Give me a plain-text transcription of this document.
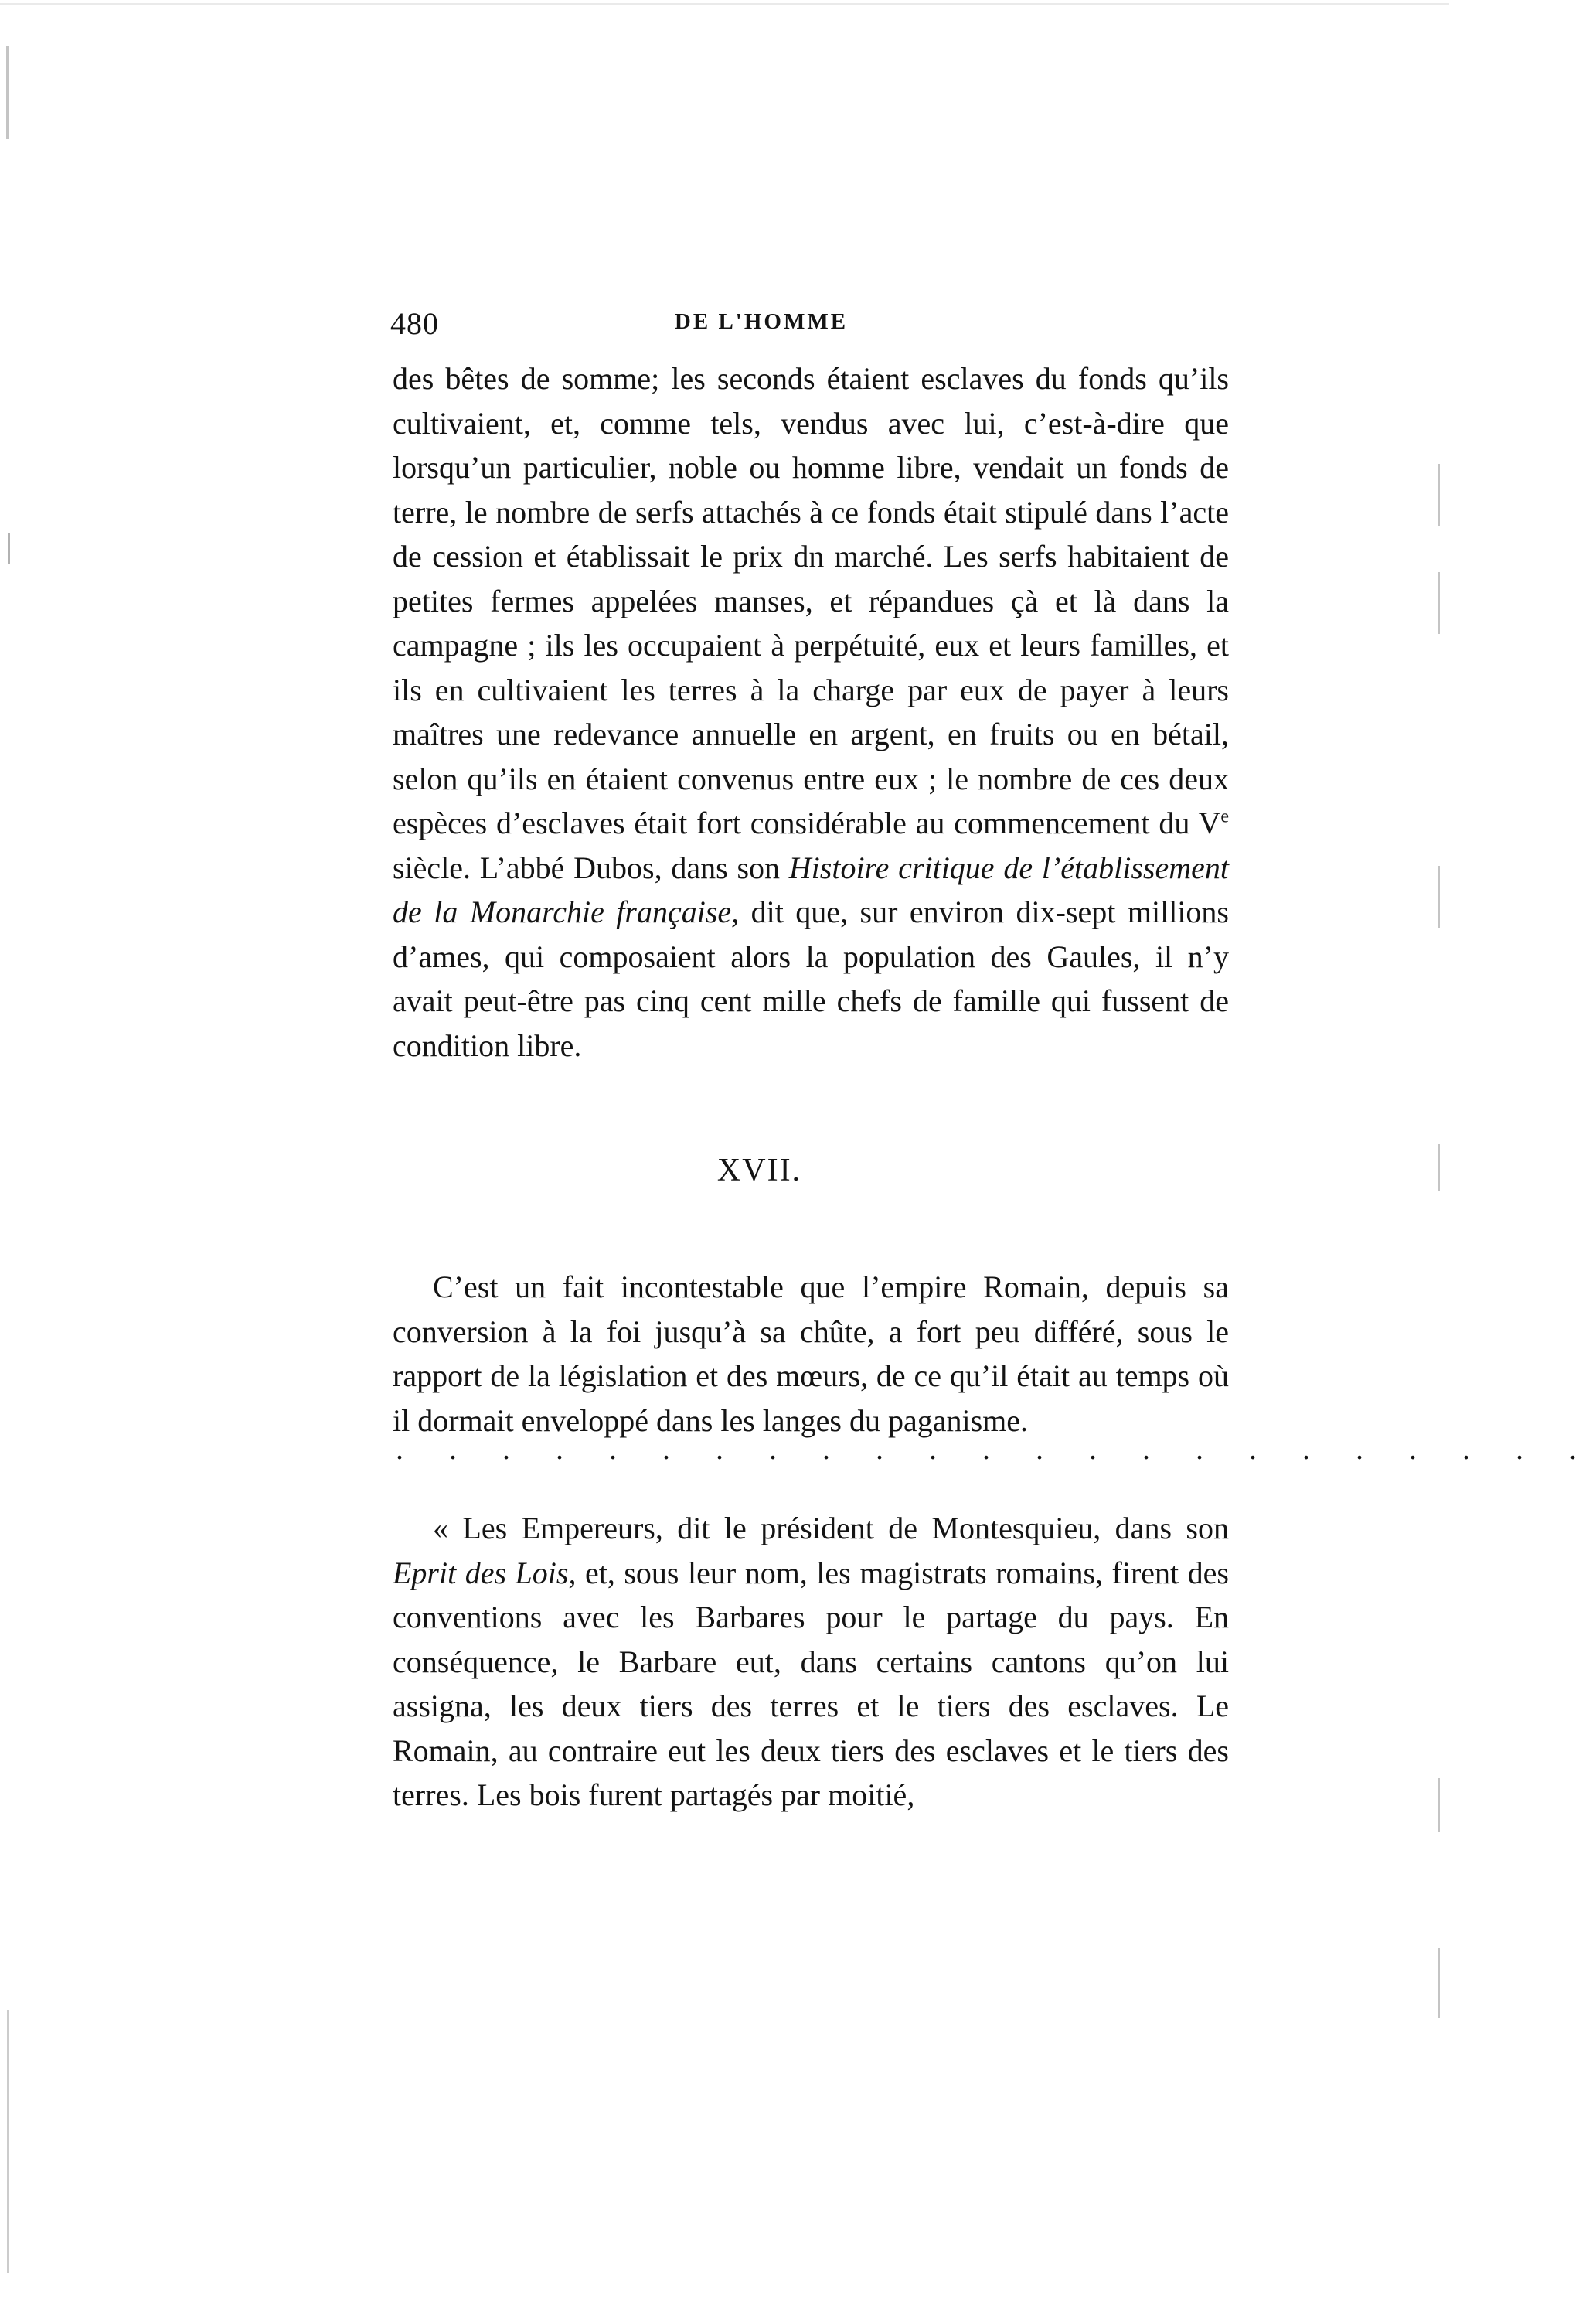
480	DE L'HOMME

des bêtes de somme; les seconds étaient esclaves du fonds qu’ils cultivaient, et, comme tels, vendus avec lui, c’est-à-dire que lorsqu’un particulier, noble ou homme libre, vendait un fonds de terre, le nombre de serfs attachés à ce fonds était stipulé dans l’acte de cession et établissait le prix dn marché. Les serfs habitaient de petites fermes appelées manses, et répandues çà et là dans la campagne ; ils les occupaient à perpétuité, eux et leurs familles, et ils en cultivaient les terres à la charge par eux de payer à leurs maîtres une redevance annuelle en argent, en fruits ou en bétail, selon qu’ils en étaient convenus entre eux ; le nombre de ces deux espèces d’esclaves était fort considérable au commencement du Ve siècle. L’abbé Dubos, dans son Histoire critique de l’établissement de la Monarchie française, dit que, sur environ dix-sept millions d’ames, qui composaient alors la population des Gaules, il n’y avait peut-être pas cinq cent mille chefs de famille qui fussent de condition libre.

XVII.

C’est un fait incontestable que l’empire Romain, depuis sa conversion à la foi jusqu’à sa chûte, a fort peu différé, sous le rapport de la législation et des mœurs, de ce qu’il était au temps où il dormait enveloppé dans les langes du paganisme.

. . . . . . . . . . . . . . . . . . . . . . .

« Les Empereurs, dit le président de Montesquieu, dans son Eprit des Lois, et, sous leur nom, les magistrats romains, firent des conventions avec les Barbares pour le partage du pays. En conséquence, le Barbare eut, dans certains cantons qu’on lui assigna, les deux tiers des terres et le tiers des esclaves. Le Romain, au contraire eut les deux tiers des esclaves et le tiers des terres. Les bois furent partagés par moitié,
